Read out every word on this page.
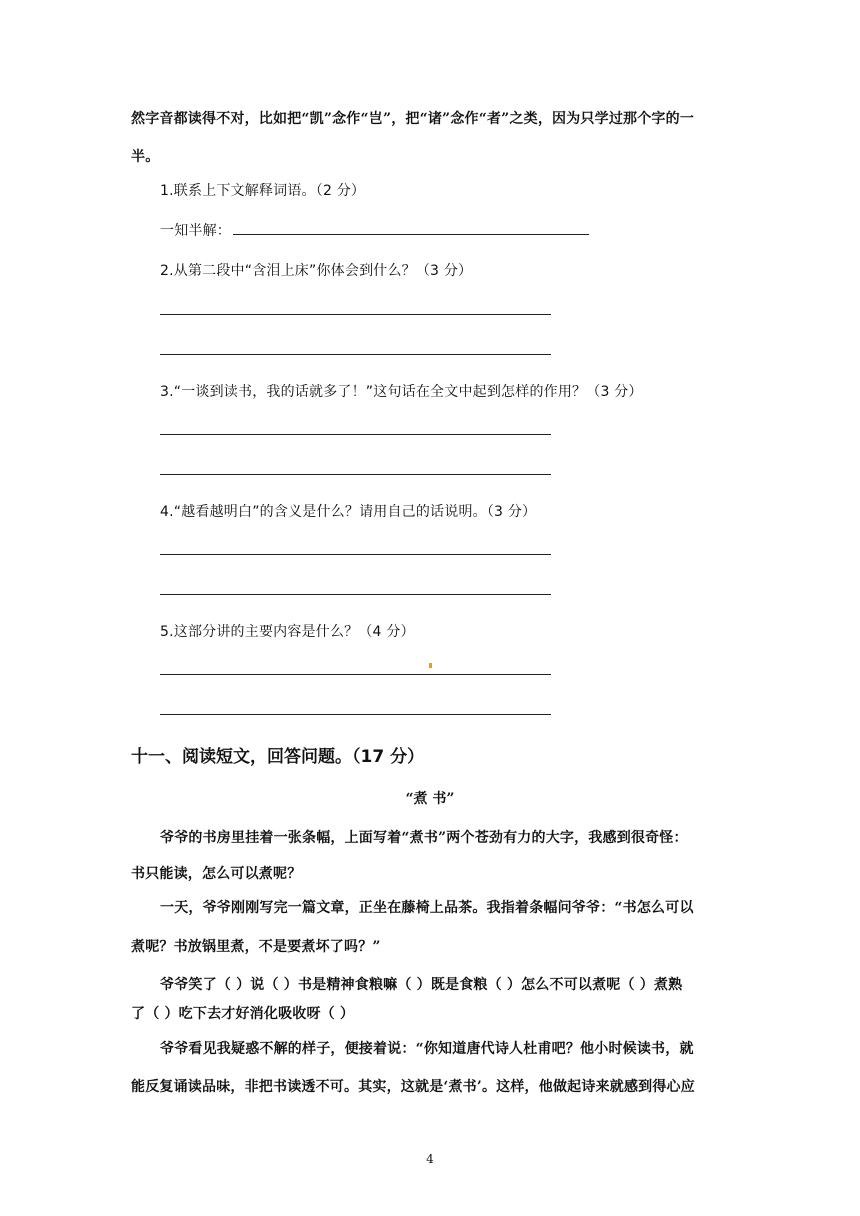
然字音都读得不对，比如把“凯”念作“岂”，把“诸”念作“者”之类，因为只学过那个字的一
半。
1.联系上下文解释词语。（2 分）
一知半解：
2.从第二段中“含泪上床”你体会到什么？（3 分）
3.“一谈到读书，我的话就多了！”这句话在全文中起到怎样的作用？（3 分）
4.“越看越明白”的含义是什么？请用自己的话说明。（3 分）
5.这部分讲的主要内容是什么？（4 分）
十一、阅读短文，回答问题。（17 分）
“煮 书”
爷爷的书房里挂着一张条幅，上面写着“煮书”两个苍劲有力的大字，我感到很奇怪：
书只能读，怎么可以煮呢？
一天，爷爷刚刚写完一篇文章，正坐在藤椅上品茶。我指着条幅问爷爷：“书怎么可以
煮呢？书放锅里煮，不是要煮坏了吗？”
爷爷笑了（ ）说（ ）书是精神食粮嘛（ ）既是食粮（ ）怎么不可以煮呢（ ）煮熟
了（ ）吃下去才好消化吸收呀（ ）
爷爷看见我疑惑不解的样子，便接着说：“你知道唐代诗人杜甫吧？他小时候读书，就
能反复诵读品味，非把书读透不可。其实，这就是‘煮书’。这样，他做起诗来就感到得心应
4
